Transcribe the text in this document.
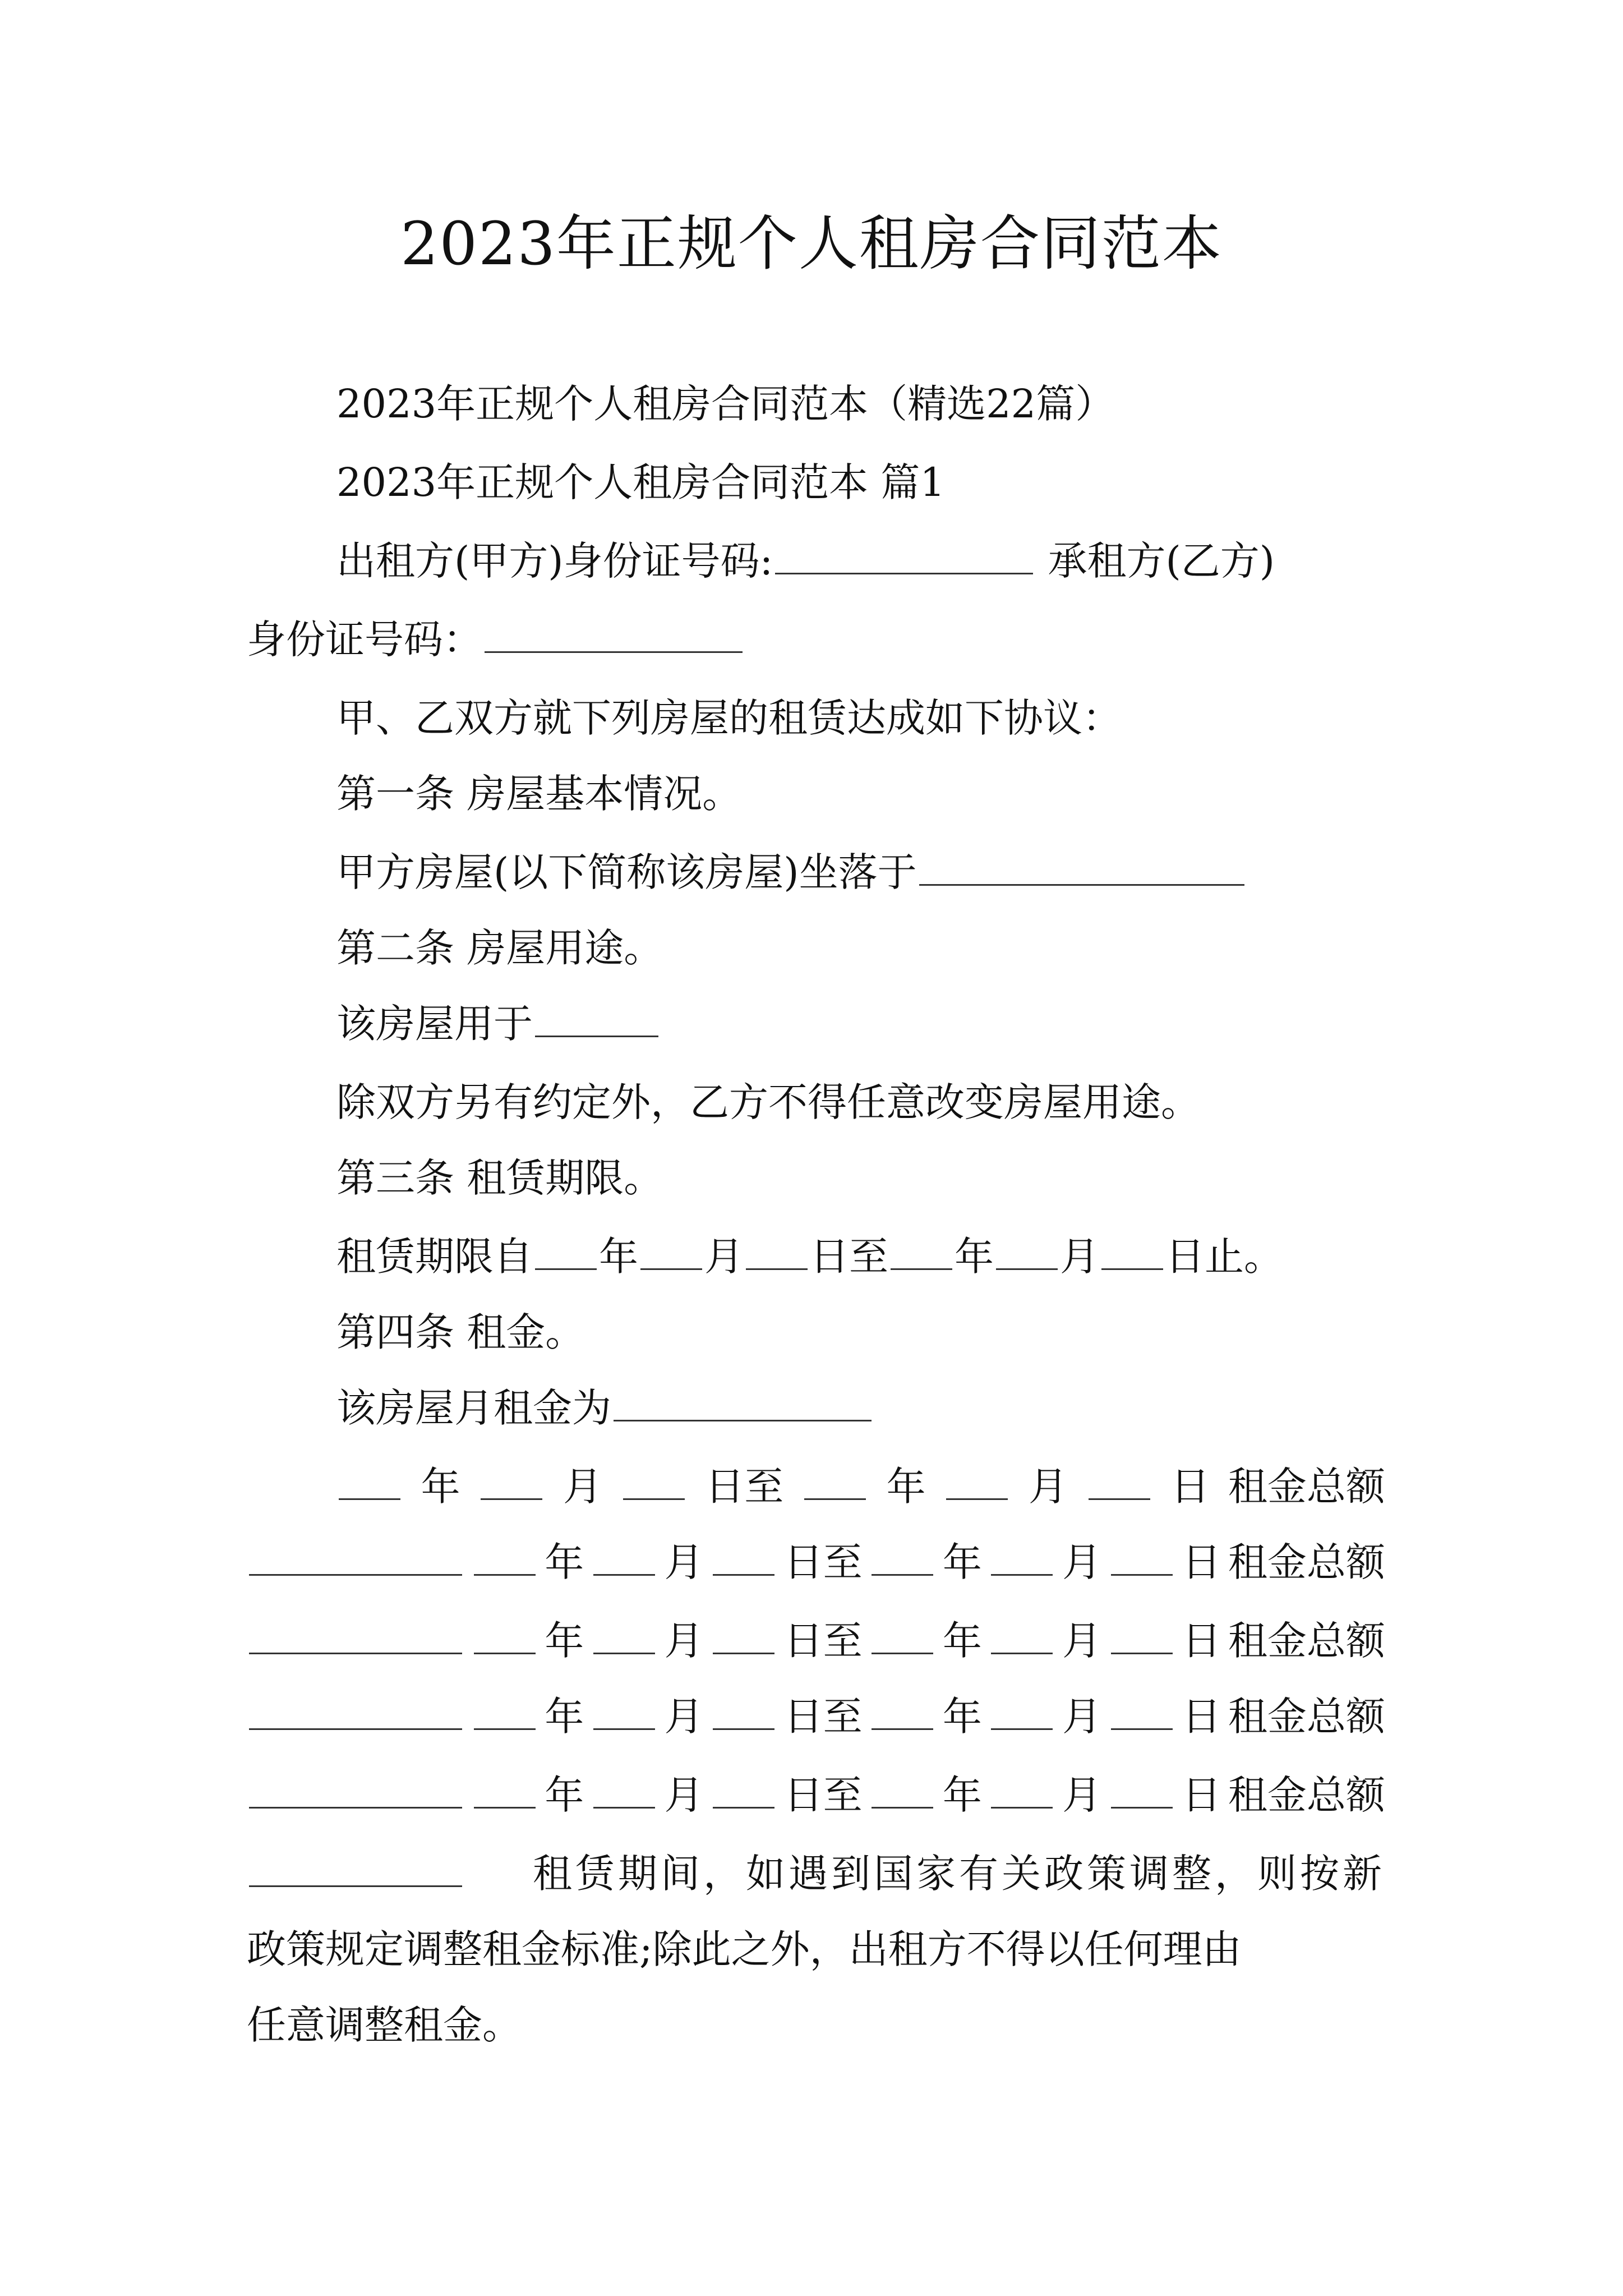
2023年正规个人租房合同范本
2023年正规个人租房合同范本（精选22篇）
2023年正规个人租房合同范本 篇1
出租方(甲方)身份证号码:	承租方(乙方)
身份证号码：
甲、乙双方就下列房屋的租赁达成如下协议：
第一条 房屋基本情况。
甲方房屋(以下简称该房屋)坐落于
第二条 房屋用途。
该房屋用于
除双方另有约定外，乙方不得任意改变房屋用途。
第三条 租赁期限。
租赁期限自 年 月 日至 年 月 日止。
第四条 租金。
该房屋月租金为
年	月	日至	年	月	日 租金总额
年 月 日至 年 月 日 租金总额
年 月 日至 年 月 日 租金总额
年 月 日至 年 月 日 租金总额
年 月 日至 年 月 日 租金总额
租赁期间，如遇到国家有关政策调整，则按新
政策规定调整租金标准;除此之外，出租方不得以任何理由
任意调整租金。
